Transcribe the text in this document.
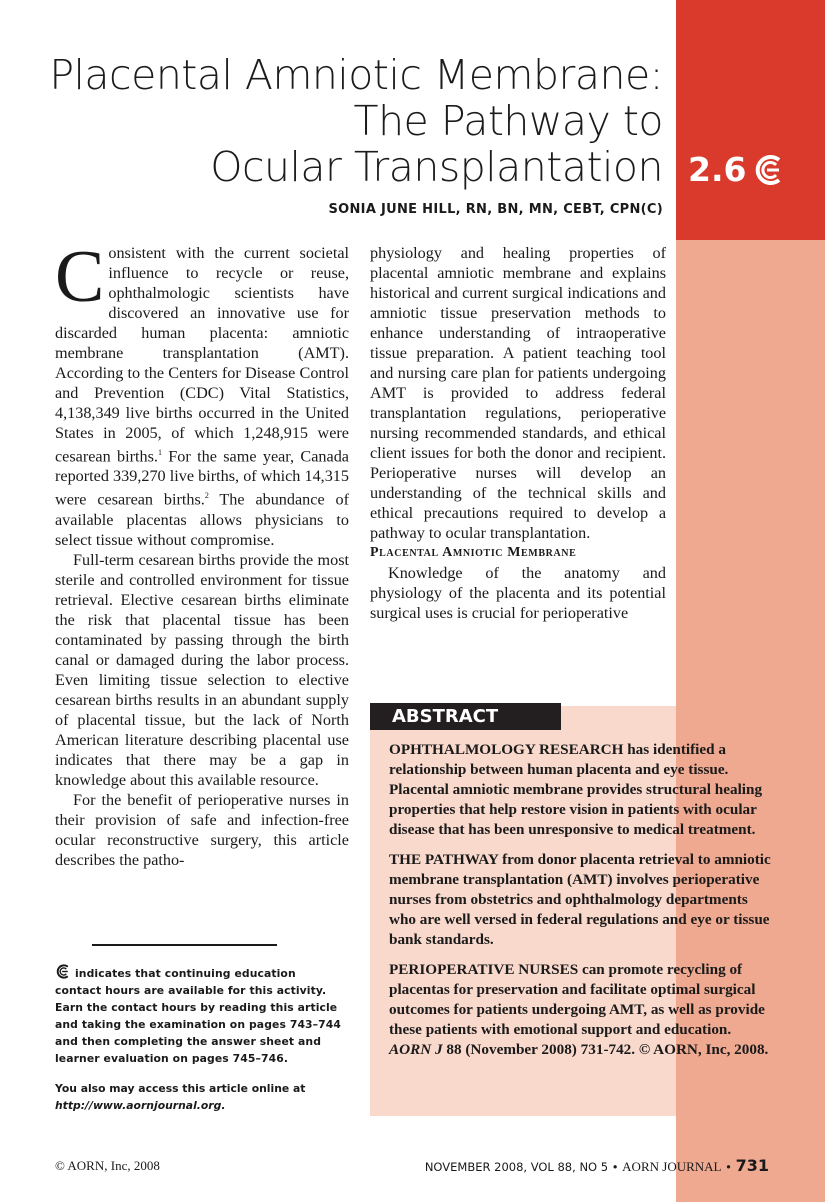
Placental Amniotic Membrane:
The Pathway to
Ocular Transplantation 2.6
SONIA JUNE HILL, RN, BN, MN, CEBT, CPN(C)

Consistent with the current societal influence to recycle or reuse, ophthalmologic scientists have discovered an innovative use for discarded human placenta: amniotic membrane transplantation (AMT). According to the Centers for Disease Control and Prevention (CDC) Vital Statistics, 4,138,349 live births occurred in the United States in 2005, of which 1,248,915 were cesarean births.$^1$ For the same year, Canada reported 339,270 live births, of which 14,315 were cesarean births.$^2$ The abundance of available placentas allows physicians to select tissue without compromise.

Full-term cesarean births provide the most sterile and controlled environment for tissue retrieval. Elective cesarean births eliminate the risk that placental tissue has been contaminated by passing through the birth canal or damaged during the labor process. Even limiting tissue selection to elective cesarean births results in an abundant supply of placental tissue, but the lack of North American literature describing placental use indicates that there may be a gap in knowledge about this available resource.

For the benefit of perioperative nurses in their provision of safe and infection-free ocular reconstructive surgery, this article describes the patho-

physiology and healing properties of placental amniotic membrane and explains historical and current surgical indications and amniotic tissue preservation methods to enhance understanding of intraoperative tissue preparation. A patient teaching tool and nursing care plan for patients undergoing AMT is provided to address federal transplantation regulations, perioperative nursing recommended standards, and ethical client issues for both the donor and recipient. Perioperative nurses will develop an understanding of the technical skills and ethical precautions required to develop a pathway to ocular transplantation.

Placental Amniotic Membrane

Knowledge of the anatomy and physiology of the placenta and its potential surgical uses is crucial for perioperative

indicates that continuing education contact hours are available for this activity. Earn the contact hours by reading this article and taking the examination on pages 743–744 and then completing the answer sheet and learner evaluation on pages 745–746.

You also may access this article online at
http://www.aornjournal.org.
ABSTRACT

OPHTHALMOLOGY RESEARCH has identified a relationship between human placenta and eye tissue. Placental amniotic membrane provides structural healing properties that help restore vision in patients with ocular disease that has been unresponsive to medical treatment.

THE PATHWAY from donor placenta retrieval to amniotic membrane transplantation (AMT) involves perioperative nurses from obstetrics and ophthalmology departments who are well versed in federal regulations and eye or tissue bank standards.

PERIOPERATIVE NURSES can promote recycling of placentas for preservation and facilitate optimal surgical outcomes for patients undergoing AMT, as well as provide these patients with emotional support and education. AORN J 88 (November 2008) 731-742. © AORN, Inc, 2008.

© AORN, Inc, 2008	NOVEMBER 2008, VOL 88, NO 5 • AORN JOURNAL • 731
